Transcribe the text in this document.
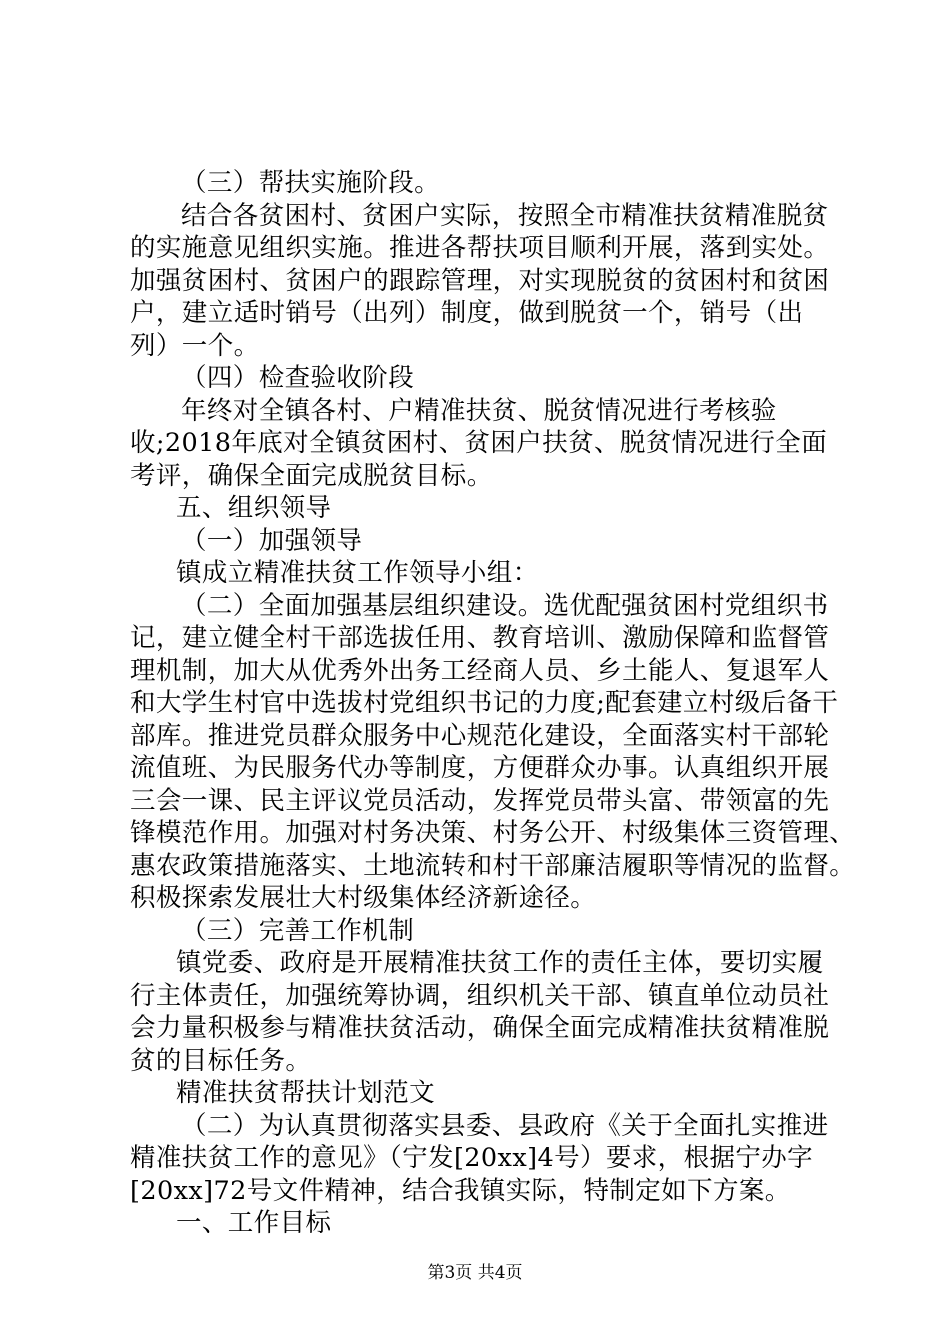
（三）帮扶实施阶段。
结合各贫困村、贫困户实际，按照全市精准扶贫精准脱贫
的实施意见组织实施。推进各帮扶项目顺利开展，落到实处。
加强贫困村、贫困户的跟踪管理，对实现脱贫的贫困村和贫困
户，建立适时销号（出列）制度，做到脱贫一个，销号（出
列）一个。
（四）检查验收阶段
年终对全镇各村、户精准扶贫、脱贫情况进行考核验
收;2018年底对全镇贫困村、贫困户扶贫、脱贫情况进行全面
考评，确保全面完成脱贫目标。
五、组织领导
（一）加强领导
镇成立精准扶贫工作领导小组：
（二）全面加强基层组织建设。选优配强贫困村党组织书
记，建立健全村干部选拔任用、教育培训、激励保障和监督管
理机制，加大从优秀外出务工经商人员、乡土能人、复退军人
和大学生村官中选拔村党组织书记的力度;配套建立村级后备干
部库。推进党员群众服务中心规范化建设，全面落实村干部轮
流值班、为民服务代办等制度，方便群众办事。认真组织开展
三会一课、民主评议党员活动，发挥党员带头富、带领富的先
锋模范作用。加强对村务决策、村务公开、村级集体三资管理、
惠农政策措施落实、土地流转和村干部廉洁履职等情况的监督。
积极探索发展壮大村级集体经济新途径。
（三）完善工作机制
镇党委、政府是开展精准扶贫工作的责任主体，要切实履
行主体责任，加强统筹协调，组织机关干部、镇直单位动员社
会力量积极参与精准扶贫活动，确保全面完成精准扶贫精准脱
贫的目标任务。
精准扶贫帮扶计划范文
（二）为认真贯彻落实县委、县政府《关于全面扎实推进
精准扶贫工作的意见》（宁发[20xx]4号）要求，根据宁办字
[20xx]72号文件精神，结合我镇实际，特制定如下方案。
一、工作目标
第3页 共4页
